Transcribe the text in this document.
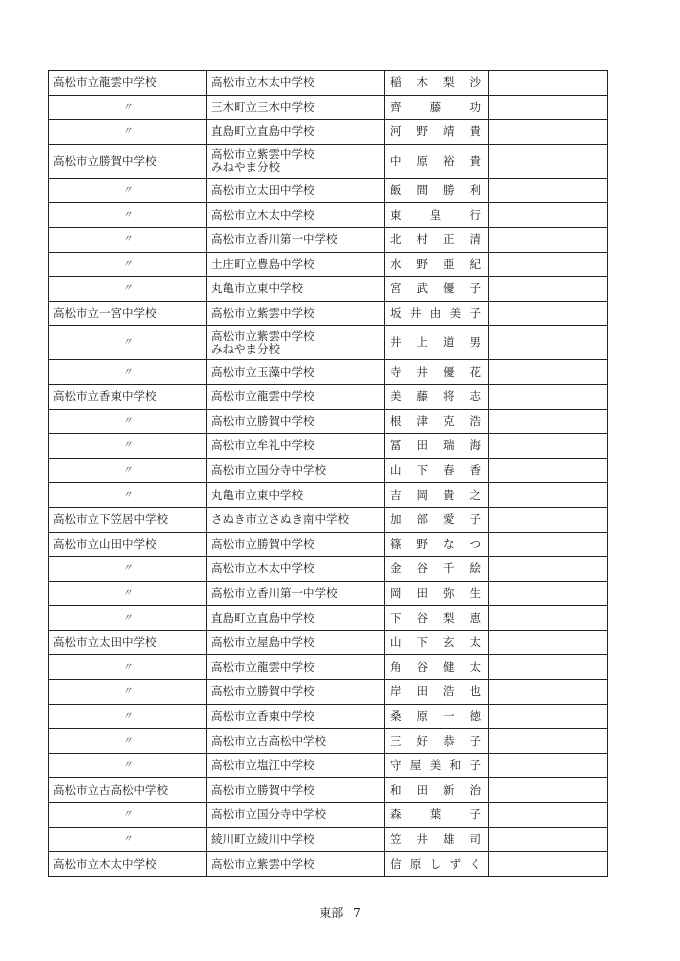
高松市立龍雲中学校	高松市立木太中学校	稲 木 梨 沙	

〃	三木町立三木中学校	齊 藤 功	

〃	直島町立直島中学校	河 野 靖 貴	

高松市立勝賀中学校	高松市立紫雲中学校
みねやま分校	中 原 裕 貴	

〃	高松市立太田中学校	飯 間 勝 利	

〃	高松市立木太中学校	東 皇 行	

〃	高松市立香川第一中学校	北 村 正 清	

〃	土庄町立豊島中学校	水 野 亜 紀	

〃	丸亀市立東中学校	宮 武 優 子	

高松市立一宮中学校	高松市立紫雲中学校	坂 井 由 美 子	

〃	高松市立紫雲中学校
みねやま分校	井 上 道 男	

〃	高松市立玉藻中学校	寺 井 優 花	

高松市立香東中学校	高松市立龍雲中学校	美 藤 将 志	

〃	高松市立勝賀中学校	根 津 克 浩	

〃	高松市立牟礼中学校	冨 田 瑞 海	

〃	高松市立国分寺中学校	山 下 春 香	

〃	丸亀市立東中学校	吉 岡 貴 之	

高松市立下笠居中学校	さぬき市立さぬき南中学校	加 部 愛 子	

高松市立山田中学校	高松市立勝賀中学校	篠 野 な つ	

〃	高松市立木太中学校	金 谷 千 絵	

〃	高松市立香川第一中学校	岡 田 弥 生	

〃	直島町立直島中学校	下 谷 梨 恵	

高松市立太田中学校	高松市立屋島中学校	山 下 玄 太	

〃	高松市立龍雲中学校	角 谷 健 太	

〃	高松市立勝賀中学校	岸 田 浩 也	

〃	高松市立香東中学校	桑 原 一 徳	

〃	高松市立古高松中学校	三 好 恭 子	

〃	高松市立塩江中学校	守 屋 美 和 子	

高松市立古高松中学校	高松市立勝賀中学校	和 田 新 治	

〃	高松市立国分寺中学校	森 葉 子	

〃	綾川町立綾川中学校	笠 井 雄 司	

高松市立木太中学校	高松市立紫雲中学校	信 原 し ず く	

東部 7
